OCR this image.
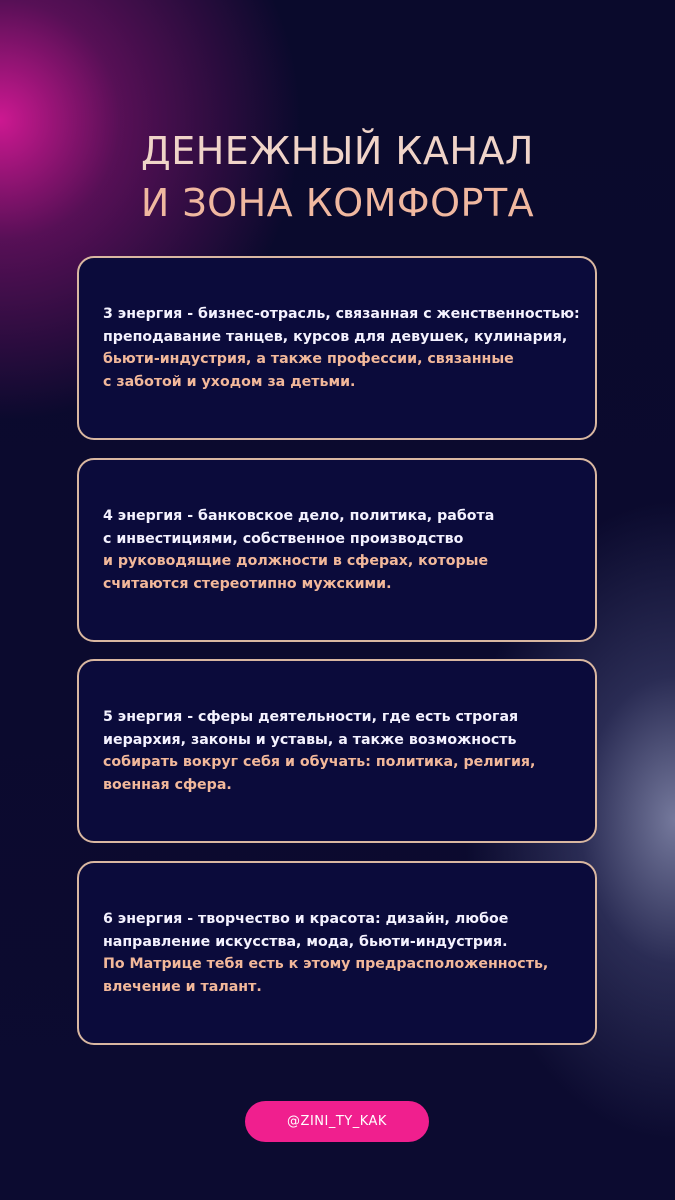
ДЕНЕЖНЫЙ КАНАЛ
И ЗОНА КОМФОРТА
3 энергия - бизнес-отрасль, связанная с женственностью:
преподавание танцев, курсов для девушек, кулинария,
бьюти-индустрия, а также профессии, связанные
с заботой и уходом за детьми.
4 энергия - банковское дело, политика, работа
с инвестициями, собственное производство
и руководящие должности в сферах, которые
считаются стереотипно мужскими.
5 энергия - сферы деятельности, где есть строгая
иерархия, законы и уставы, а также возможность
собирать вокруг себя и обучать: политика, религия,
военная сфера.
6 энергия - творчество и красота: дизайн, любое
направление искусства, мода, бьюти-индустрия.
По Матрице тебя есть к этому предрасположенность,
влечение и талант.
@ZINI_TY_KAK
